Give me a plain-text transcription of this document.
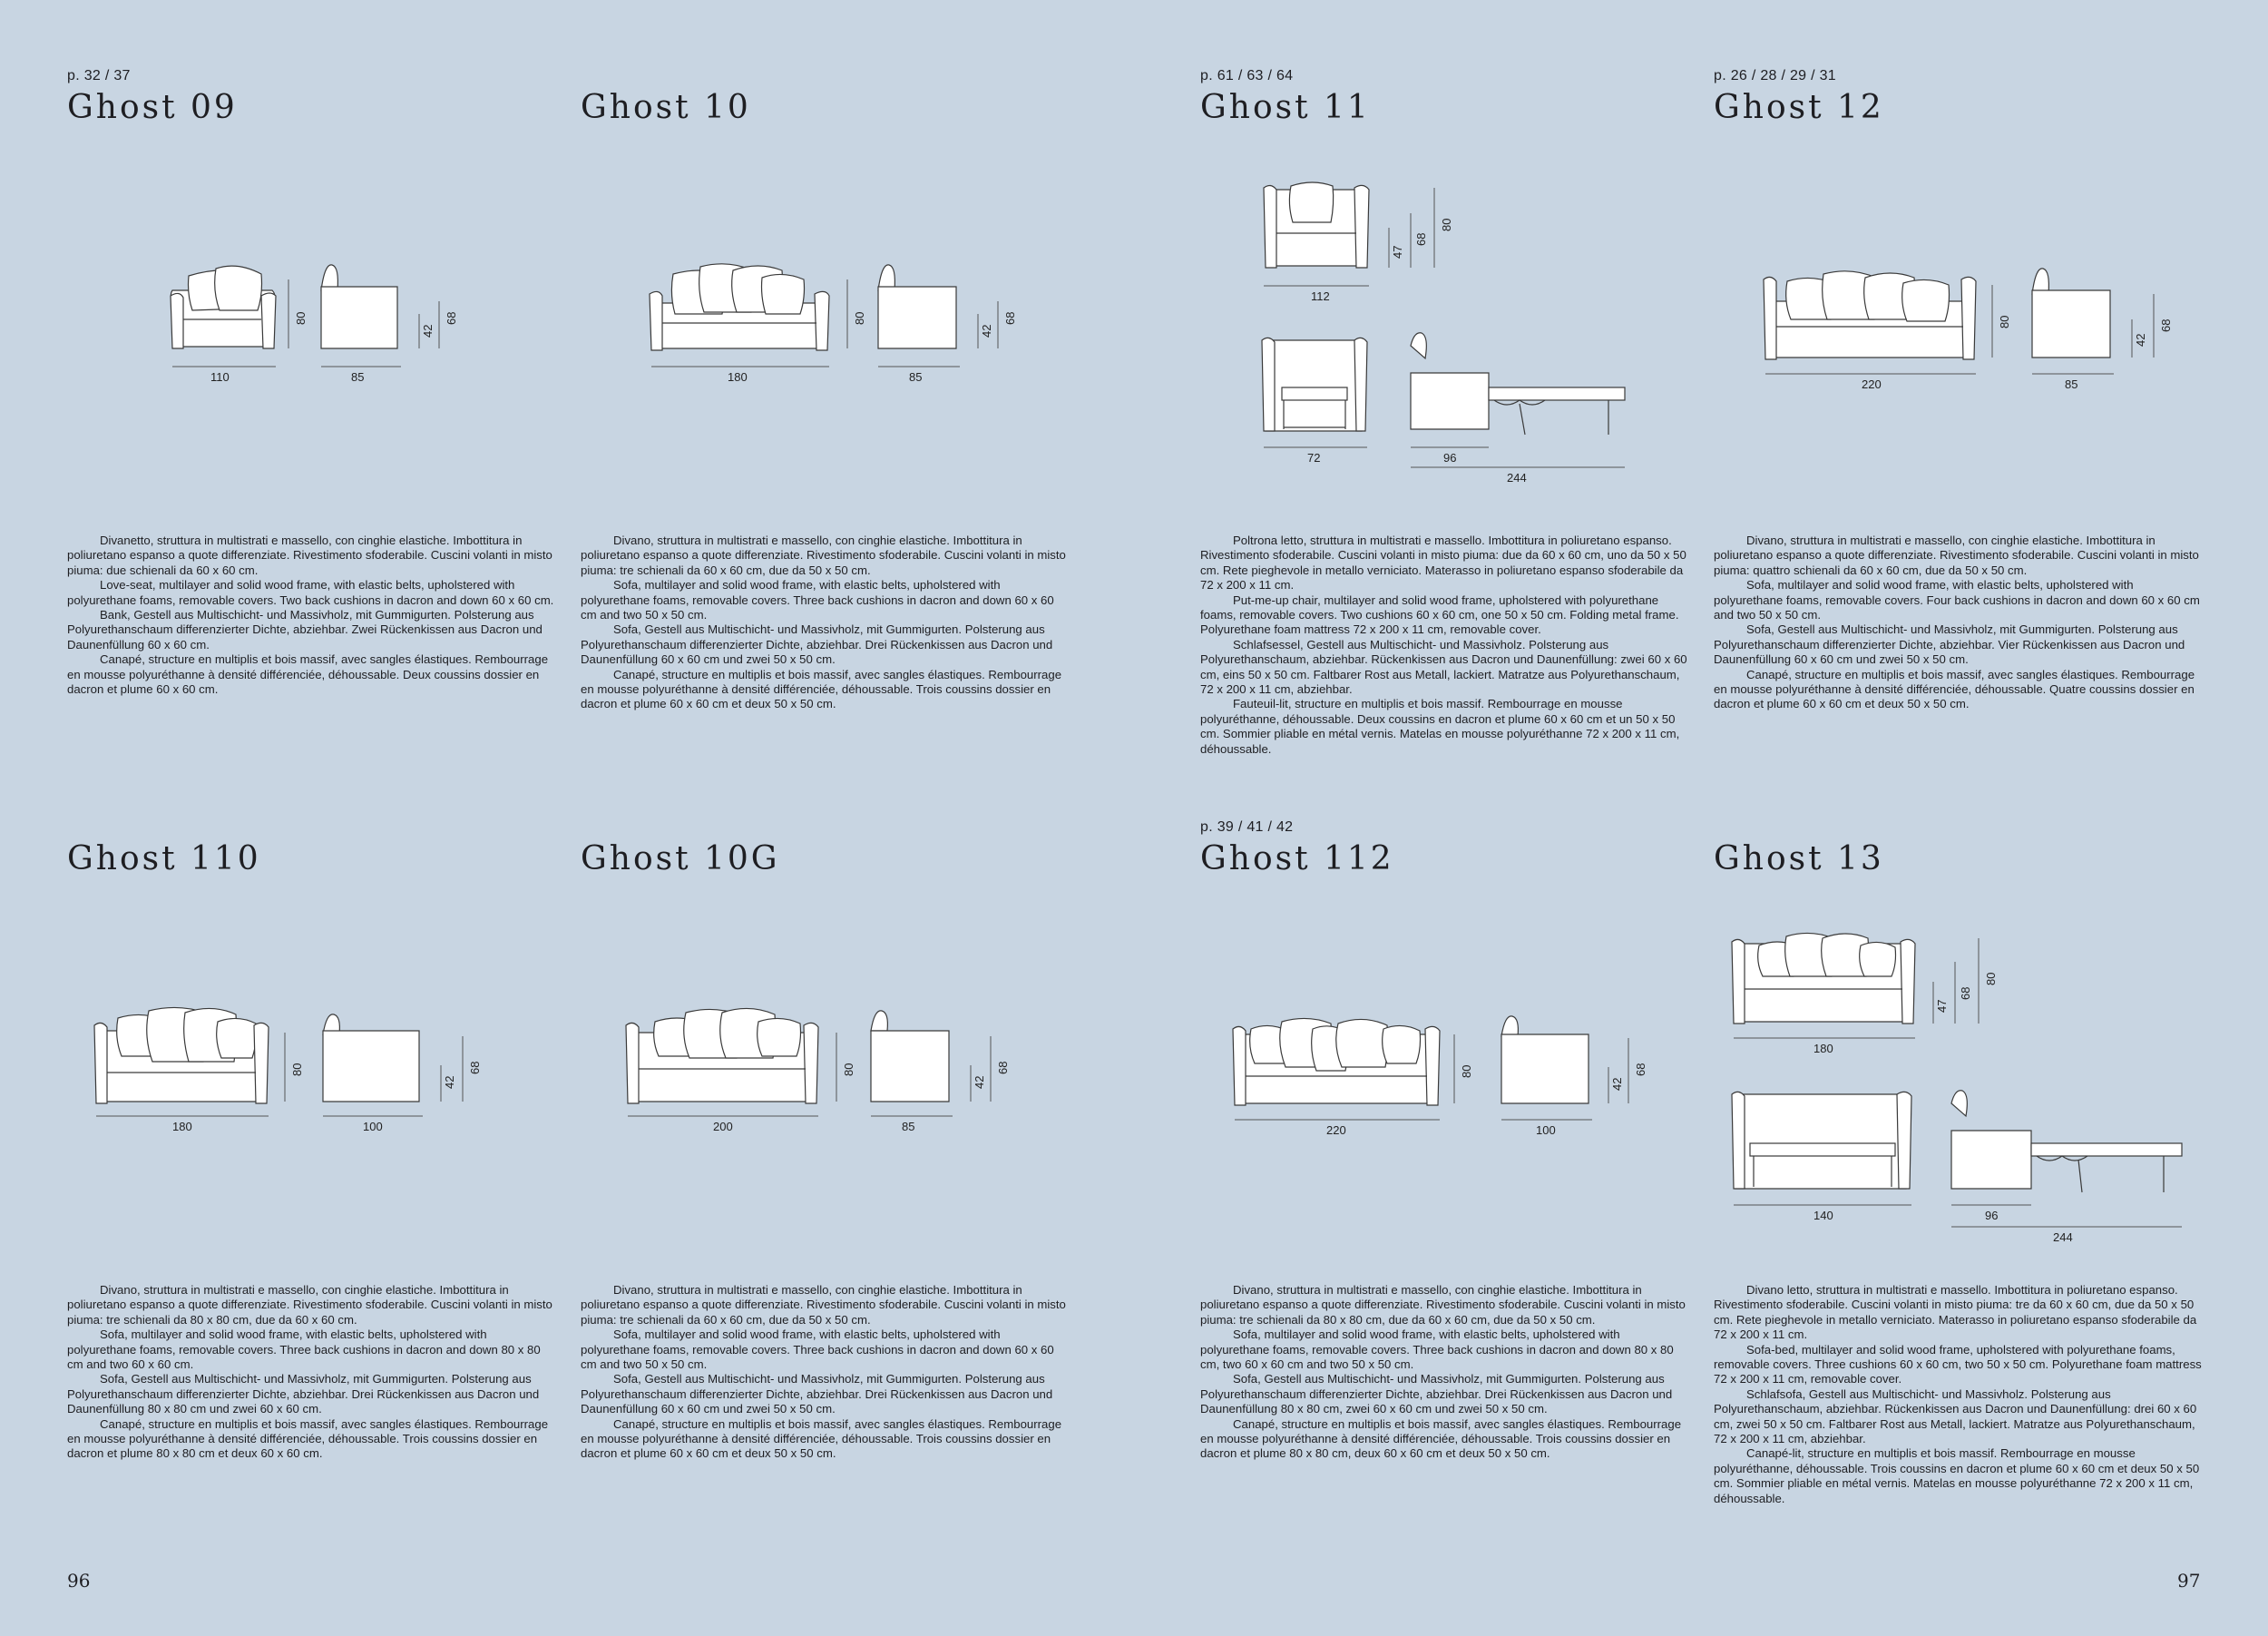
p. 32 / 37
Ghost 09
110
80
85
42
68

Divanetto, struttura in multistrati e massello, con cinghie elastiche. Imbottitura in poliuretano espanso a quote differenziate. Rivestimento sfoderabile. Cuscini volanti in misto piuma: due schienali da 60 x 60 cm.

Love-seat, multilayer and solid wood frame, with elastic belts, upholstered with polyurethane foams, removable covers. Two back cushions in dacron and down 60 x 60 cm.

Bank, Gestell aus Multischicht- und Massivholz, mit Gummigurten. Polsterung aus Polyurethanschaum differenzierter Dichte, abziehbar. Zwei Rückenkissen aus Dacron und Daunenfüllung 60 x 60 cm.

Canapé, structure en multiplis et bois massif, avec sangles élastiques. Rembourrage en mousse polyuréthanne à densité différenciée, déhoussable. Deux coussins dossier en dacron et plume 60 x 60 cm.

Ghost 10
180
80
85
42
68

Divano, struttura in multistrati e massello, con cinghie elastiche. Imbottitura in poliuretano espanso a quote differenziate. Rivestimento sfoderabile. Cuscini volanti in misto piuma: tre schienali da 60 x 60 cm, due da 50 x 50 cm.

Sofa, multilayer and solid wood frame, with elastic belts, upholstered with polyurethane foams, removable covers. Three back cushions in dacron and down 60 x 60 cm and two 50 x 50 cm.

Sofa, Gestell aus Multischicht- und Massivholz, mit Gummigurten. Polsterung aus Polyurethanschaum differenzierter Dichte, abziehbar. Drei Rückenkissen aus Dacron und Daunenfüllung 60 x 60 cm und zwei 50 x 50 cm.

Canapé, structure en multiplis et bois massif, avec sangles élastiques. Rembourrage en mousse polyuréthanne à densité différenciée, déhoussable. Trois coussins dossier en dacron et plume 60 x 60 cm et deux 50 x 50 cm.

p. 61 / 63 / 64
Ghost 11
112
47
68
80
72	96
244

Poltrona letto, struttura in multistrati e massello. Imbottitura in poliuretano espanso. Rivestimento sfoderabile. Cuscini volanti in misto piuma: due da 60 x 60 cm, uno da 50 x 50 cm. Rete pieghevole in metallo verniciato. Materasso in poliuretano espanso sfoderabile da 72 x 200 x 11 cm.

Put-me-up chair, multilayer and solid wood frame, upholstered with polyurethane foams, removable covers. Two cushions 60 x 60 cm, one 50 x 50 cm. Folding metal frame. Polyurethane foam mattress 72 x 200 x 11 cm, removable cover.

Schlafsessel, Gestell aus Multischicht- und Massivholz. Polsterung aus Polyurethanschaum, abziehbar. Rückenkissen aus Dacron und Daunenfüllung: zwei 60 x 60 cm, eins 50 x 50 cm. Faltbarer Rost aus Metall, lackiert. Matratze aus Polyurethanschaum, 72 x 200 x 11 cm, abziehbar.

Fauteuil-lit, structure en multiplis et bois massif. Rembourrage en mousse polyuréthanne, déhoussable. Deux coussins en dacron et plume 60 x 60 cm et un 50 x 50 cm. Sommier pliable en métal vernis. Matelas en mousse polyuréthanne 72 x 200 x 11 cm, déhoussable.

p. 26 / 28 / 29 / 31
Ghost 12
220
80
85
42
68

Divano, struttura in multistrati e massello, con cinghie elastiche. Imbottitura in poliuretano espanso a quote differenziate. Rivestimento sfoderabile. Cuscini volanti in misto piuma: quattro schienali da 60 x 60 cm, due da 50 x 50 cm.

Sofa, multilayer and solid wood frame, with elastic belts, upholstered with polyurethane foams, removable covers. Four back cushions in dacron and down 60 x 60 cm and two 50 x 50 cm.

Sofa, Gestell aus Multischicht- und Massivholz, mit Gummigurten. Polsterung aus Polyurethanschaum differenzierter Dichte, abziehbar. Vier Rückenkissen aus Dacron und Daunenfüllung 60 x 60 cm und zwei 50 x 50 cm.

Canapé, structure en multiplis et bois massif, avec sangles élastiques. Rembourrage en mousse polyuréthanne à densité différenciée, déhoussable. Quatre coussins dossier en dacron et plume 60 x 60 cm et deux 50 x 50 cm.

Ghost 110
180
80
100
42
68

Divano, struttura in multistrati e massello, con cinghie elastiche. Imbottitura in poliuretano espanso a quote differenziate. Rivestimento sfoderabile. Cuscini volanti in misto piuma: tre schienali da 80 x 80 cm, due da 60 x 60 cm.

Sofa, multilayer and solid wood frame, with elastic belts, upholstered with polyurethane foams, removable covers. Three back cushions in dacron and down 80 x 80 cm and two 60 x 60 cm.

Sofa, Gestell aus Multischicht- und Massivholz, mit Gummigurten. Polsterung aus Polyurethanschaum differenzierter Dichte, abziehbar. Drei Rückenkissen aus Dacron und Daunenfüllung 80 x 80 cm und zwei 60 x 60 cm.

Canapé, structure en multiplis et bois massif, avec sangles élastiques. Rembourrage en mousse polyuréthanne à densité différenciée, déhoussable. Trois coussins dossier en dacron et plume 80 x 80 cm et deux 60 x 60 cm.

Ghost 10G
200
80
85
42
68

Divano, struttura in multistrati e massello, con cinghie elastiche. Imbottitura in poliuretano espanso a quote differenziate. Rivestimento sfoderabile. Cuscini volanti in misto piuma: tre schienali da 60 x 60 cm, due da 50 x 50 cm.

Sofa, multilayer and solid wood frame, with elastic belts, upholstered with polyurethane foams, removable covers. Three back cushions in dacron and down 60 x 60 cm and two 50 x 50 cm.

Sofa, Gestell aus Multischicht- und Massivholz, mit Gummigurten. Polsterung aus Polyurethanschaum differenzierter Dichte, abziehbar. Drei Rückenkissen aus Dacron und Daunenfüllung 60 x 60 cm und zwei 50 x 50 cm.

Canapé, structure en multiplis et bois massif, avec sangles élastiques. Rembourrage en mousse polyuréthanne à densité différenciée, déhoussable. Trois coussins dossier en dacron et plume 60 x 60 cm et deux 50 x 50 cm.

p. 39 / 41 / 42
Ghost 112
220
80
100
42
68

Divano, struttura in multistrati e massello, con cinghie elastiche. Imbottitura in poliuretano espanso a quote differenziate. Rivestimento sfoderabile. Cuscini volanti in misto piuma: tre schienali da 80 x 80 cm, due da 60 x 60 cm, due da 50 x 50 cm.

Sofa, multilayer and solid wood frame, with elastic belts, upholstered with polyurethane foams, removable covers. Three back cushions in dacron and down 80 x 80 cm, two 60 x 60 cm and two 50 x 50 cm.

Sofa, Gestell aus Multischicht- und Massivholz, mit Gummigurten. Polsterung aus Polyurethanschaum differenzierter Dichte, abziehbar. Drei Rückenkissen aus Dacron und Daunenfüllung 80 x 80 cm, zwei 60 x 60 cm und zwei 50 x 50 cm.

Canapé, structure en multiplis et bois massif, avec sangles élastiques. Rembourrage en mousse polyuréthanne à densité différenciée, déhoussable. Trois coussins dossier en dacron et plume 80 x 80 cm, deux 60 x 60 cm et deux 50 x 50 cm.

Ghost 13
180
47
68
80
140	96
244

Divano letto, struttura in multistrati e massello. Imbottitura in poliuretano espanso. Rivestimento sfoderabile. Cuscini volanti in misto piuma: tre da 60 x 60 cm, due da 50 x 50 cm. Rete pieghevole in metallo verniciato. Materasso in poliuretano espanso sfoderabile da 72 x 200 x 11 cm.

Sofa-bed, multilayer and solid wood frame, upholstered with polyurethane foams, removable covers. Three cushions 60 x 60 cm, two 50 x 50 cm. Polyurethane foam mattress 72 x 200 x 11 cm, removable cover.

Schlafsofa, Gestell aus Multischicht- und Massivholz. Polsterung aus Polyurethanschaum, abziehbar. Rückenkissen aus Dacron und Daunenfüllung: drei 60 x 60 cm, zwei 50 x 50 cm. Faltbarer Rost aus Metall, lackiert. Matratze aus Polyurethanschaum, 72 x 200 x 11 cm, abziehbar.

Canapé-lit, structure en multiplis et bois massif. Rembourrage en mousse polyuréthanne, déhoussable. Trois coussins en dacron et plume 60 x 60 cm et deux 50 x 50 cm. Sommier pliable en métal vernis. Matelas en mousse polyuréthanne 72 x 200 x 11 cm, déhoussable.

96	97
